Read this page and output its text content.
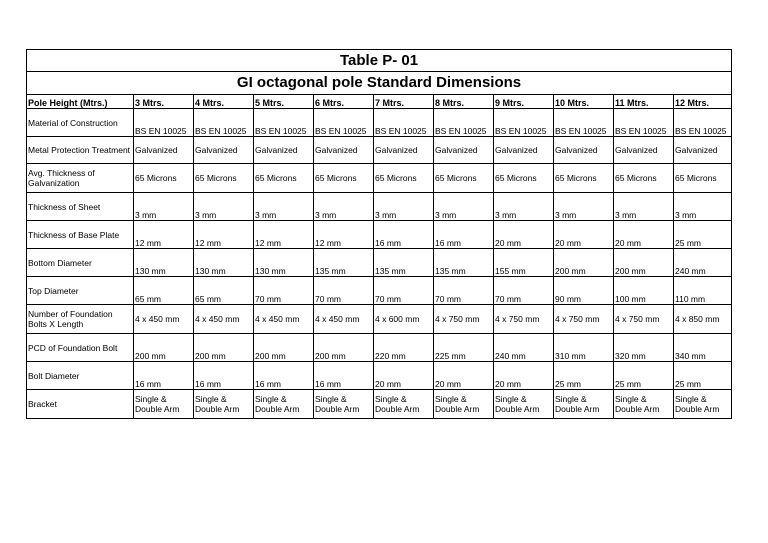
Table P- 01										
GI octagonal pole Standard Dimensions										
Pole Height (Mtrs.)	3 Mtrs.	4 Mtrs.	5 Mtrs.	6 Mtrs.	7 Mtrs.	8 Mtrs.	9 Mtrs.	10 Mtrs.	11 Mtrs.	12 Mtrs.
Material of Construction	BS EN 10025	BS EN 10025	BS EN 10025	BS EN 10025	BS EN 10025	BS EN 10025	BS EN 10025	BS EN 10025	BS EN 10025	BS EN 10025
Metal Protection Treatment	Galvanized	Galvanized	Galvanized	Galvanized	Galvanized	Galvanized	Galvanized	Galvanized	Galvanized	Galvanized
Avg. Thickness of Galvanization	65 Microns	65 Microns	65 Microns	65 Microns	65 Microns	65 Microns	65 Microns	65 Microns	65 Microns	65 Microns
Thickness of Sheet	3 mm	3 mm	3 mm	3 mm	3 mm	3 mm	3 mm	3 mm	3 mm	3 mm
Thickness of Base Plate	12 mm	12 mm	12 mm	12 mm	16 mm	16 mm	20 mm	20 mm	20 mm	25 mm
Bottom Diameter	130 mm	130 mm	130 mm	135 mm	135 mm	135 mm	155 mm	200 mm	200 mm	240 mm
Top Diameter	65 mm	65 mm	70 mm	70 mm	70 mm	70 mm	70 mm	90 mm	100 mm	110 mm
Number of Foundation Bolts X Length	4 x 450 mm	4 x 450 mm	4 x 450 mm	4 x 450 mm	4 x 600 mm	4 x 750 mm	4 x 750 mm	4 x 750 mm	4 x 750 mm	4 x 850 mm
PCD of Foundation Bolt	200 mm	200 mm	200 mm	200 mm	220 mm	225 mm	240 mm	310 mm	320 mm	340 mm
Bolt Diameter	16 mm	16 mm	16 mm	16 mm	20 mm	20 mm	20 mm	25 mm	25 mm	25 mm
Bracket	Single & Double Arm	Single & Double Arm	Single & Double Arm	Single & Double Arm	Single & Double Arm	Single & Double Arm	Single & Double Arm	Single & Double Arm	Single & Double Arm	Single & Double Arm
